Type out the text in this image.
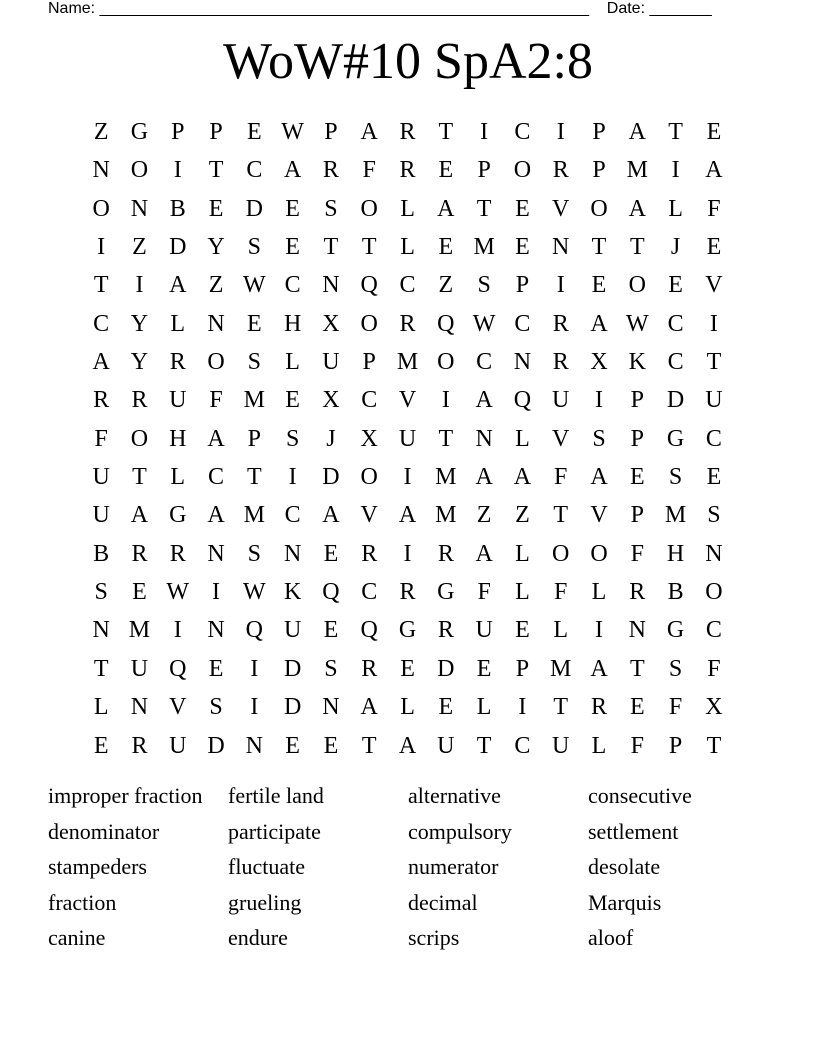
Name: _______________________________________________________ Date: _______
WoW#10 SpA2:8
Z G P	P	E W P A R T	I	C	I	P A T E
N O	I	T C A R F R E	P O R P M I	A
O N B E D E	S O L A T E V O A L	F
I	Z D Y S	E T T L E M E N T T	J	E
T	I	A Z W C N Q C Z	S	P	I	E O E V
C Y L N E H X O R Q W C R A W C	I
A Y R O S	L U P M O C N R X K C T
R R U F M E X C V	I	A Q U	I	P D U
F O H A P	S	J	X U T N L V S	P G C
U T L C T	I	D O	I M A A F A E	S	E
U A G A M C A V A M Z Z T V P M S
B R R N S N E R	I	R A L O O F H N
S	E W I W K Q C R G F	L	F	L R B O
N M I	N Q U E Q G R U E L	I	N G C
T U Q E	I	D S R E D E	P M A T	S	F
L N V S	I	D N A L E L	I	T R E	F X
E R U D N E E T A U T C U L	F	P	T
improper fraction	fertile land	alternative	consecutive
denominator	participate	compulsory	settlement
stampeders	fluctuate	numerator	desolate
fraction	grueling	decimal	Marquis
canine	endure	scrips	aloof
